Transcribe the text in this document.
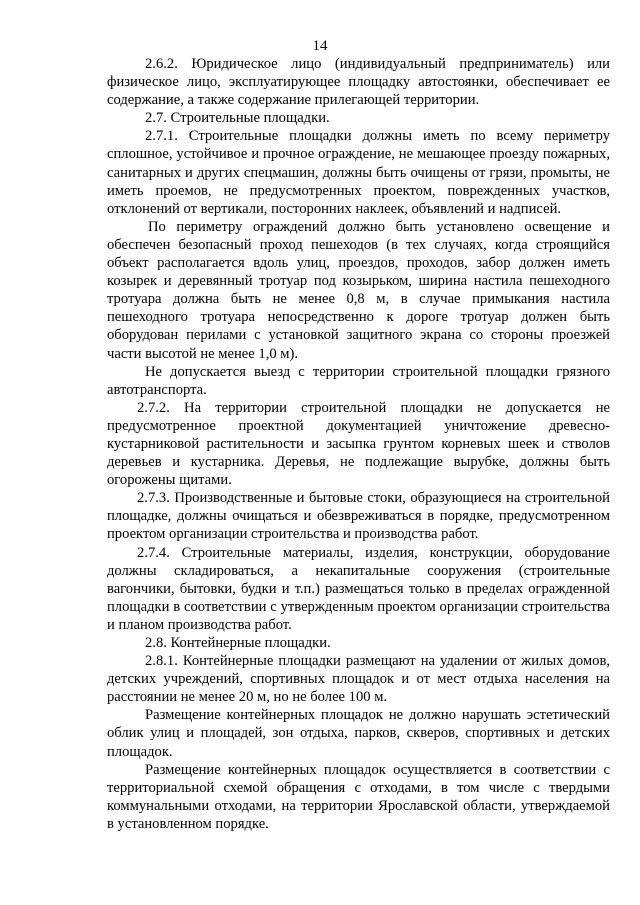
14

2.6.2. Юридическое лицо (индивидуальный предприниматель) или физическое лицо, эксплуатирующее площадку автостоянки, обеспечивает ее содержание, а также содержание прилегающей территории.

2.7. Строительные площадки.

2.7.1. Строительные площадки должны иметь по всему периметру сплошное, устойчивое и прочное ограждение, не мешающее проезду пожарных, санитарных и других спецмашин, должны быть очищены от грязи, промыты, не иметь проемов, не предусмотренных проектом, поврежденных участков, отклонений от вертикали, посторонних наклеек, объявлений и надписей.

По периметру ограждений должно быть установлено освещение и обеспечен безопасный проход пешеходов (в тех случаях, когда строящийся объект располагается вдоль улиц, проездов, проходов, забор должен иметь козырек и деревянный тротуар под козырьком, ширина настила пешеходного тротуара должна быть не менее 0,8 м, в случае примыкания настила пешеходного тротуара непосредственно к дороге тротуар должен быть оборудован перилами с установкой защитного экрана со стороны проезжей части высотой не менее 1,0 м).

Не допускается выезд с территории строительной площадки грязного автотранспорта.

2.7.2. На территории строительной площадки не допускается не предусмотренное проектной документацией уничтожение древесно-кустарниковой растительности и засыпка грунтом корневых шеек и стволов деревьев и кустарника. Деревья, не подлежащие вырубке, должны быть огорожены щитами.

2.7.3. Производственные и бытовые стоки, образующиеся на строительной площадке, должны очищаться и обезвреживаться в порядке, предусмотренном проектом организации строительства и производства работ.

2.7.4. Строительные материалы, изделия, конструкции, оборудование должны складироваться, а некапитальные сооружения (строительные вагончики, бытовки, будки и т.п.) размещаться только в пределах огражденной площадки в соответствии с утвержденным проектом организации строительства и планом производства работ.

2.8. Контейнерные площадки.

2.8.1. Контейнерные площадки размещают на удалении от жилых домов, детских учреждений, спортивных площадок и от мест отдыха населения на расстоянии не менее 20 м, но не более 100 м.

Размещение контейнерных площадок не должно нарушать эстетический облик улиц и площадей, зон отдыха, парков, скверов, спортивных и детских площадок.

Размещение контейнерных площадок осуществляется в соответствии с территориальной схемой обращения с отходами, в том числе с твердыми коммунальными отходами, на территории Ярославской области, утверждаемой в установленном порядке.
